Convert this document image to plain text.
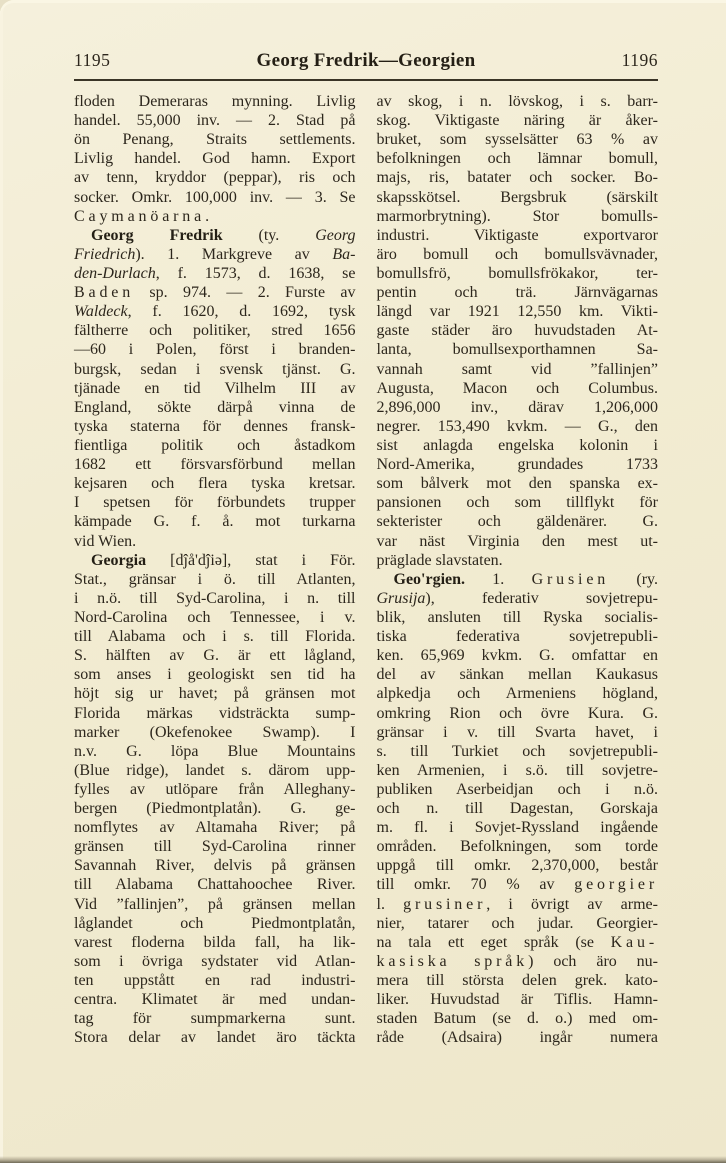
1195	Georg Fredrik—Georgien	1196
floden Demeraras mynning. Livlig
handel. 55,000 inv. — 2. Stad på
ön Penang, Straits settlements.
Livlig handel. God hamn. Export
av tenn, kryddor (peppar), ris och
socker. Omkr. 100,000 inv. — 3. Se
Caymanöarna.
Georg Fredrik (ty. Georg
Friedrich). 1. Markgreve av Ba-
den-Durlach, f. 1573, d. 1638, se
Baden sp. 974. — 2. Furste av
Waldeck, f. 1620, d. 1692, tysk
fältherre och politiker, stred 1656
—60 i Polen, först i branden-
burgsk, sedan i svensk tjänst. G.
tjänade en tid Vilhelm III av
England, sökte därpå vinna de
tyska staterna för dennes fransk-
fientliga politik och åstadkom
1682 ett försvarsförbund mellan
kejsaren och flera tyska kretsar.
I spetsen för förbundets trupper
kämpade G. f. å. mot turkarna
vid Wien.
Georgia [dĵå'dĵiə], stat i För.
Stat., gränsar i ö. till Atlanten,
i n.ö. till Syd-Carolina, i n. till
Nord-Carolina och Tennessee, i v.
till Alabama och i s. till Florida.
S. hälften av G. är ett lågland,
som anses i geologiskt sen tid ha
höjt sig ur havet; på gränsen mot
Florida märkas vidsträckta sump-
marker (Okefenokee Swamp). I
n.v. G. löpa Blue Mountains
(Blue ridge), landet s. därom upp-
fylles av utlöpare från Alleghany-
bergen (Piedmontplatån). G. ge-
nomflytes av Altamaha River; på
gränsen till Syd-Carolina rinner
Savannah River, delvis på gränsen
till Alabama Chattahoochee River.
Vid ”fallinjen”, på gränsen mellan
låglandet och Piedmontplatån,
varest floderna bilda fall, ha lik-
som i övriga sydstater vid Atlan-
ten uppstått en rad industri-
centra. Klimatet är med undan-
tag för sumpmarkerna sunt.
Stora delar av landet äro täckta
av skog, i n. lövskog, i s. barr-
skog. Viktigaste näring är åker-
bruket, som sysselsätter 63 % av
befolkningen och lämnar bomull,
majs, ris, batater och socker. Bo-
skapsskötsel. Bergsbruk (särskilt
marmorbrytning). Stor bomulls-
industri. Viktigaste exportvaror
äro bomull och bomullsvävnader,
bomullsfrö, bomullsfrökakor, ter-
pentin och trä. Järnvägarnas
längd var 1921 12,550 km. Vikti-
gaste städer äro huvudstaden At-
lanta, bomullsexporthamnen Sa-
vannah samt vid ”fallinjen”
Augusta, Macon och Columbus.
2,896,000 inv., därav 1,206,000
negrer. 153,490 kvkm. — G., den
sist anlagda engelska kolonin i
Nord-Amerika, grundades 1733
som bålverk mot den spanska ex-
pansionen och som tillflykt för
sekterister och gäldenärer. G.
var näst Virginia den mest ut-
präglade slavstaten.
Geo'rgien. 1. Grusien (ry.
Grusija), federativ sovjetrepu-
blik, ansluten till Ryska socialis-
tiska federativa sovjetrepubli-
ken. 65,969 kvkm. G. omfattar en
del av sänkan mellan Kaukasus
alpkedja och Armeniens högland,
omkring Rion och övre Kura. G.
gränsar i v. till Svarta havet, i
s. till Turkiet och sovjetrepubli-
ken Armenien, i s.ö. till sovjetre-
publiken Aserbeidjan och i n.ö.
och n. till Dagestan, Gorskaja
m. fl. i Sovjet-Ryssland ingående
områden. Befolkningen, som torde
uppgå till omkr. 2,370,000, består
till omkr. 70 % av georgier
l. grusiner, i övrigt av arme-
nier, tatarer och judar. Georgier-
na tala ett eget språk (se Kau-
kasiska språk) och äro nu-
mera till största delen grek. kato-
liker. Huvudstad är Tiflis. Hamn-
staden Batum (se d. o.) med om-
råde (Adsaira) ingår numera
